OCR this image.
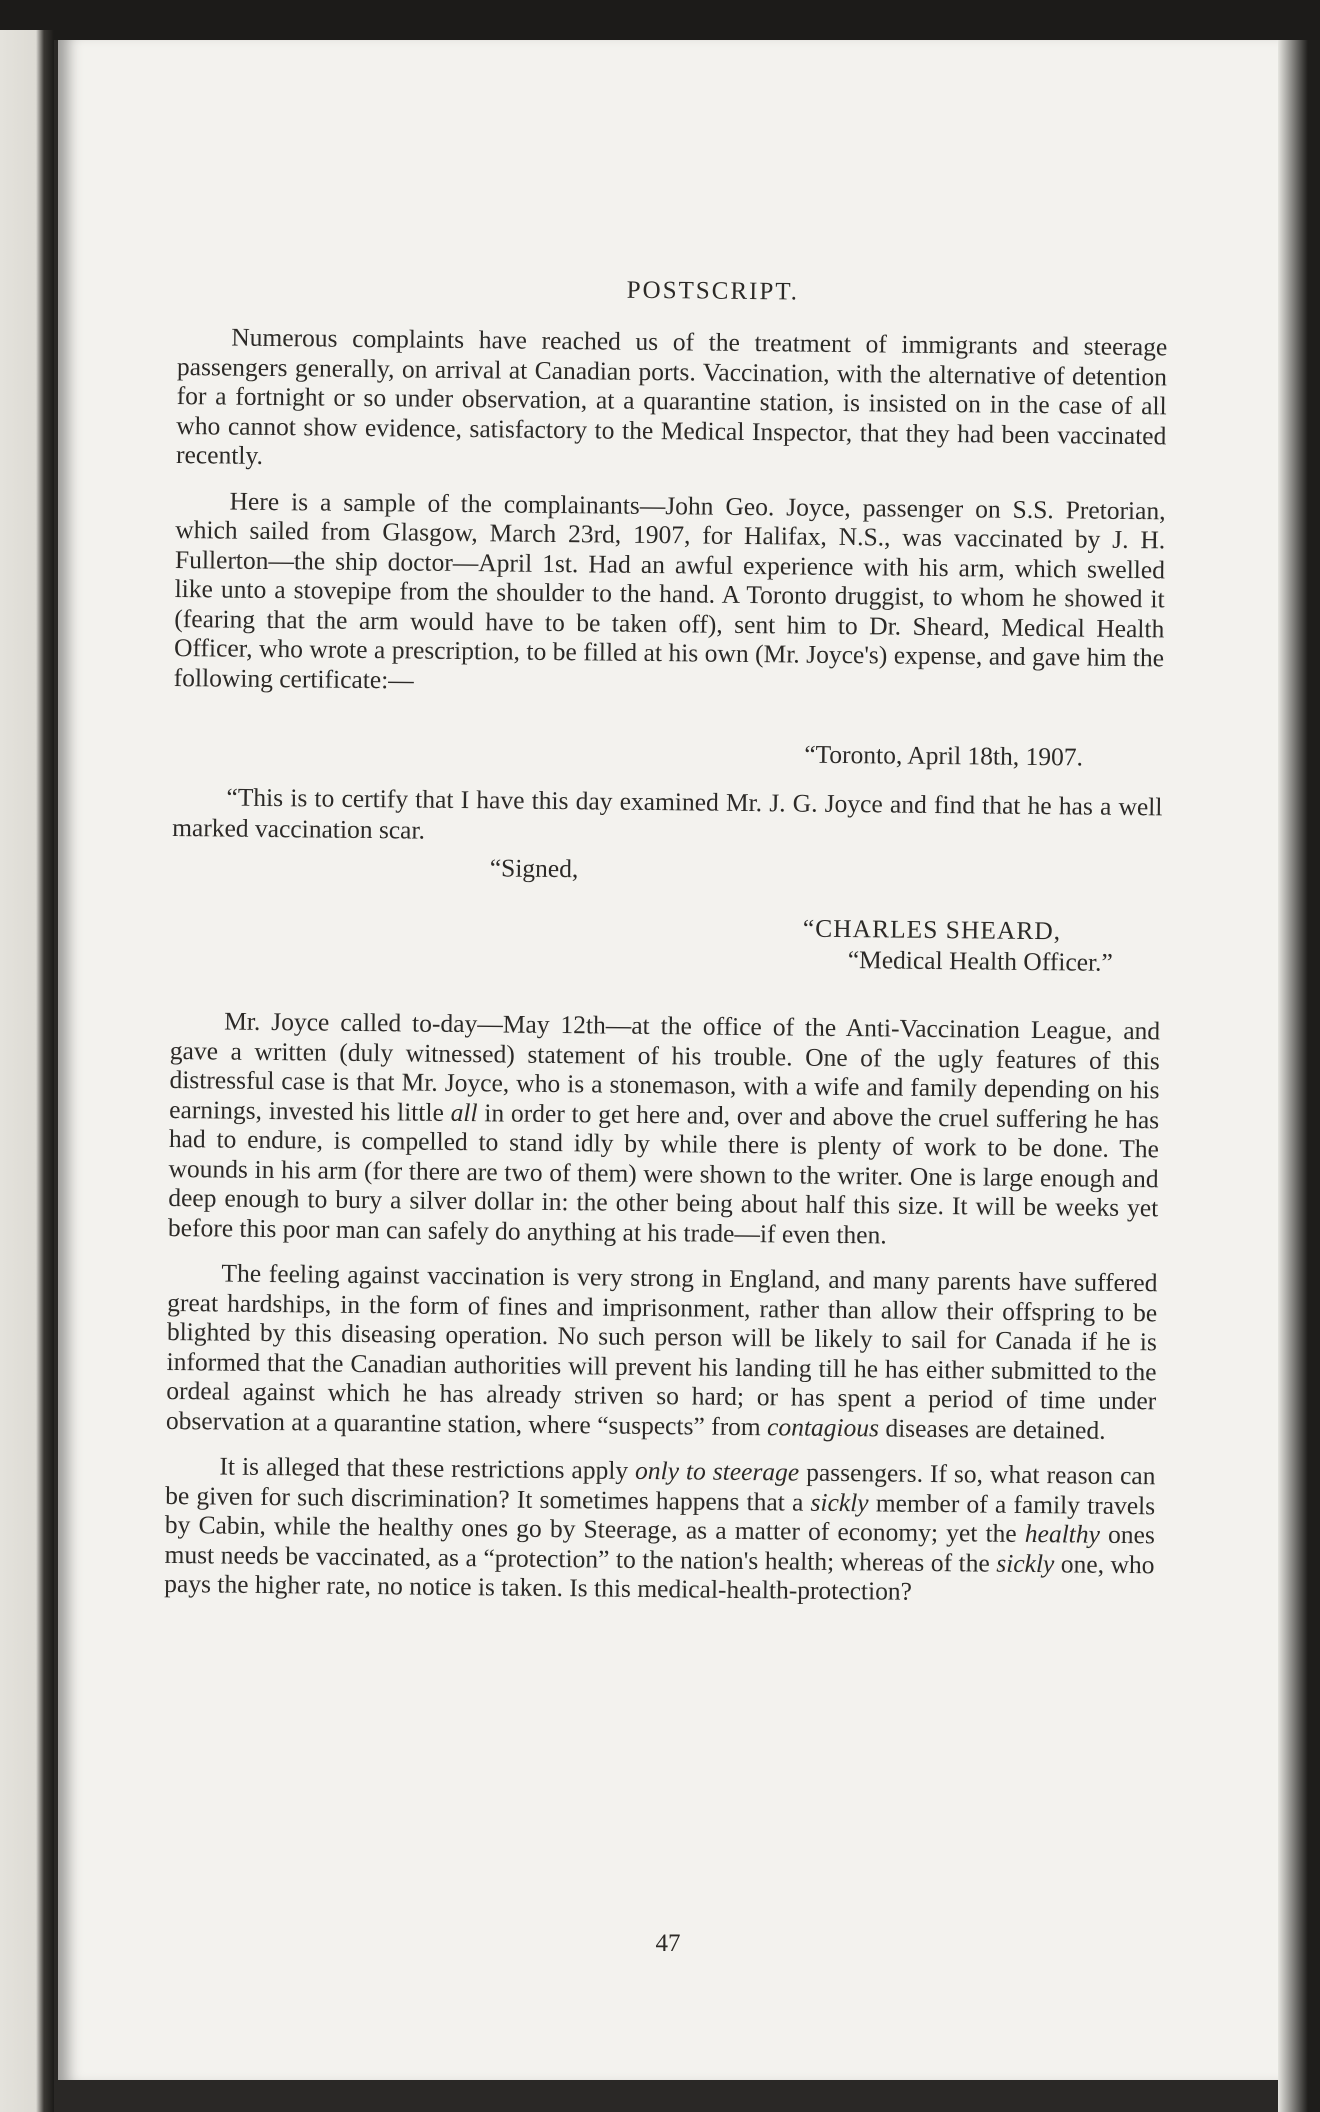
POSTSCRIPT.

Numerous complaints have reached us of the treatment of immigrants and steerage passengers generally, on arrival at Canadian ports. Vaccination, with the alternative of detention for a fortnight or so under observation, at a quarantine station, is insisted on in the case of all who cannot show evidence, satisfactory to the Medical Inspector, that they had been vaccinated recently.

Here is a sample of the complainants—John Geo. Joyce, passenger on S.S. Pretorian, which sailed from Glasgow, March 23rd, 1907, for Halifax, N.S., was vaccinated by J. H. Fullerton—the ship doctor—April 1st. Had an awful experience with his arm, which swelled like unto a stovepipe from the shoulder to the hand. A Toronto druggist, to whom he showed it (fearing that the arm would have to be taken off), sent him to Dr. Sheard, Medical Health Officer, who wrote a prescription, to be filled at his own (Mr. Joyce's) expense, and gave him the following certificate:—

“Toronto, April 18th, 1907.
“This is to certify that I have this day examined Mr. J. G. Joyce and find that he has a well marked vaccination scar.
“Signed,
“CHARLES SHEARD,
“Medical Health Officer.”

Mr. Joyce called to-day—May 12th—at the office of the Anti-Vaccination League, and gave a written (duly witnessed) statement of his trouble. One of the ugly features of this distressful case is that Mr. Joyce, who is a stonemason, with a wife and family depending on his earnings, invested his little all in order to get here and, over and above the cruel suffering he has had to endure, is compelled to stand idly by while there is plenty of work to be done. The wounds in his arm (for there are two of them) were shown to the writer. One is large enough and deep enough to bury a silver dollar in: the other being about half this size. It will be weeks yet before this poor man can safely do anything at his trade—if even then.

The feeling against vaccination is very strong in England, and many parents have suffered great hardships, in the form of fines and imprisonment, rather than allow their offspring to be blighted by this diseasing operation. No such person will be likely to sail for Canada if he is informed that the Canadian authorities will prevent his landing till he has either submitted to the ordeal against which he has already striven so hard; or has spent a period of time under observation at a quarantine station, where “suspects” from contagious diseases are detained.

It is alleged that these restrictions apply only to steerage passengers. If so, what reason can be given for such discrimination? It sometimes happens that a sickly member of a family travels by Cabin, while the healthy ones go by Steerage, as a matter of economy; yet the healthy ones must needs be vaccinated, as a “protection” to the nation's health; whereas of the sickly one, who pays the higher rate, no notice is taken. Is this medical-health-protection?

47
